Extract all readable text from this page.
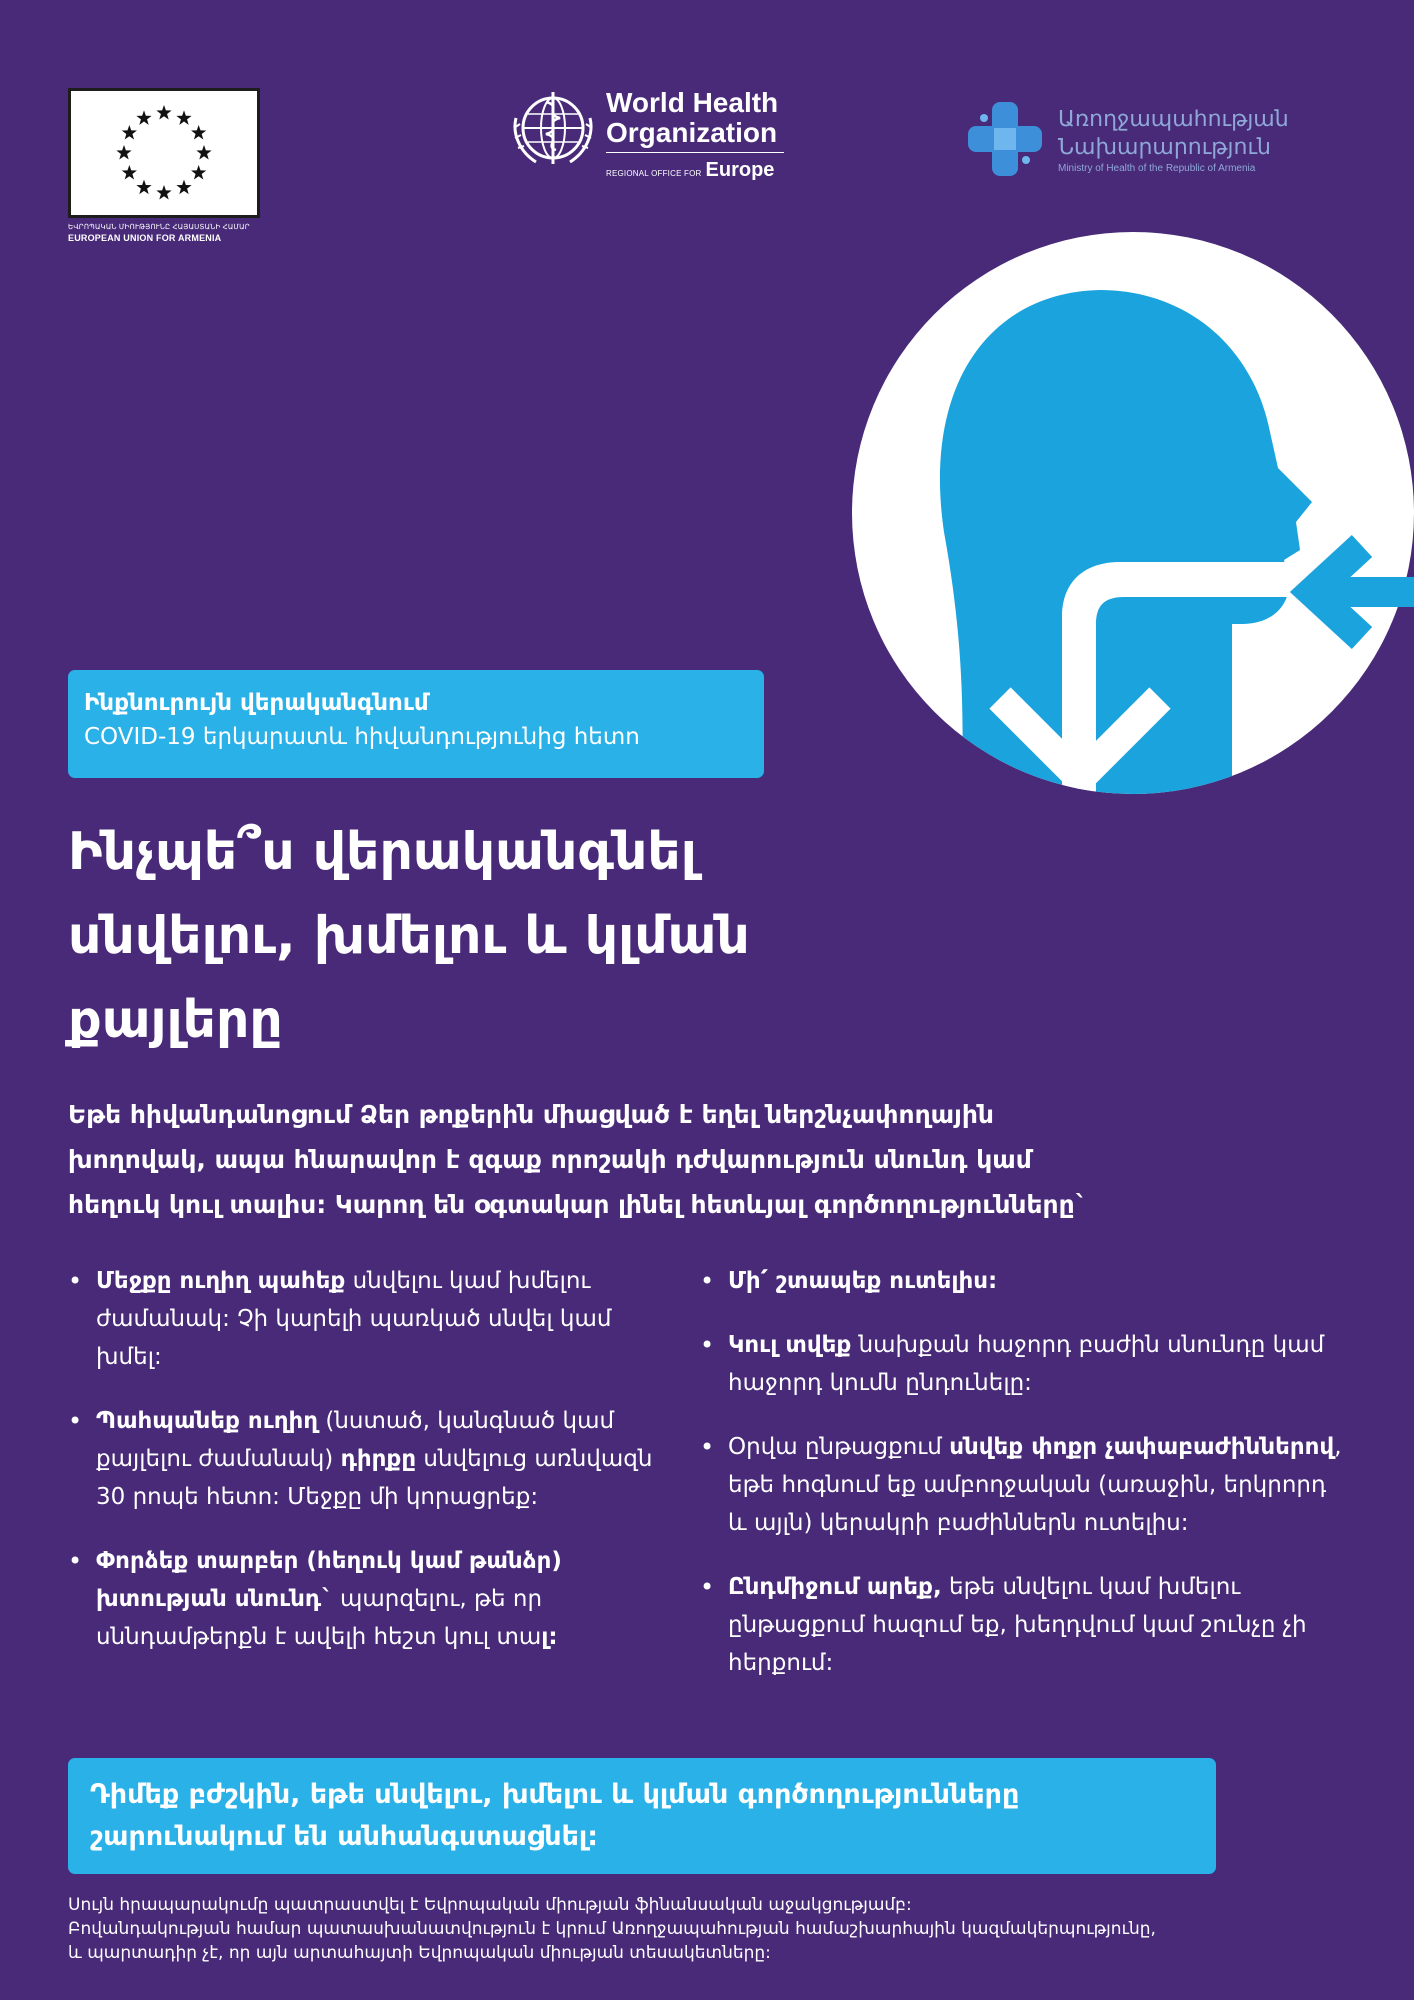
ԵՎՐՈՊԱԿԱՆ ՄԻՈՒԹՅՈՒՆԸ ՀԱՅԱՍՏԱՆԻ ՀԱՄԱՐ
EUROPEAN UNION FOR ARMENIA
World Health
Organization
REGIONAL OFFICE FOR Europe
Առողջապահության
Նախարարություն
Ministry of Health of the Republic of Armenia
Ինքնուրույն վերականգնում
COVID-19 երկարատև հիվանդությունից հետո
Ինչպե՞ս վերականգնել
սնվելու, խմելու և կլման
քայլերը
Եթե հիվանդանոցում Ձեր թոքերին միացված է եղել ներշնչափողային
խողովակ, ապա հնարավոր է զգաք որոշակի դժվարություն սնունդ կամ
հեղուկ կուլ տալիս: Կարող են օգտակար լինել հետևյալ գործողությունները`
• Մեջքը ուղիղ պահեք սնվելու կամ խմելու ժամանակ: Չի կարելի պառկած սնվել կամ խմել:
• Պահպանեք ուղիղ (նստած, կանգնած կամ քայլելու ժամանակ) դիրքը սնվելուց առնվազն 30 րոպե հետո: Մեջքը մի կորացրեք:
• Փորձեք տարբեր (հեղուկ կամ թանձր) խտության սնունդ` պարզելու, թե որ սննդամթերքն է ավելի հեշտ կուլ տալ:
• Մի՛ շտապեք ուտելիս:
• Կուլ տվեք նախքան հաջորդ բաժին սնունդը կամ հաջորդ կումն ընդունելը:
• Օրվա ընթացքում սնվեք փոքր չափաբաժիններով, եթե հոգնում եք ամբողջական (առաջին, երկրորդ և այլն) կերակրի բաժիններն ուտելիս:
• Ընդմիջում արեք, եթե սնվելու կամ խմելու ընթացքում հազում եք, խեղդվում կամ շունչը չի հերքում:
Դիմեք բժշկին, եթե սնվելու, խմելու և կլման գործողությունները
շարունակում են անհանգստացնել:
Սույն հրապարակումը պատրաստվել է Եվրոպական միության ֆինանսական աջակցությամբ:
Բովանդակության համար պատասխանատվություն է կրում Առողջապահության համաշխարհային կազմակերպությունը,
և պարտադիր չէ, որ այն արտահայտի Եվրոպական միության տեսակետները:
